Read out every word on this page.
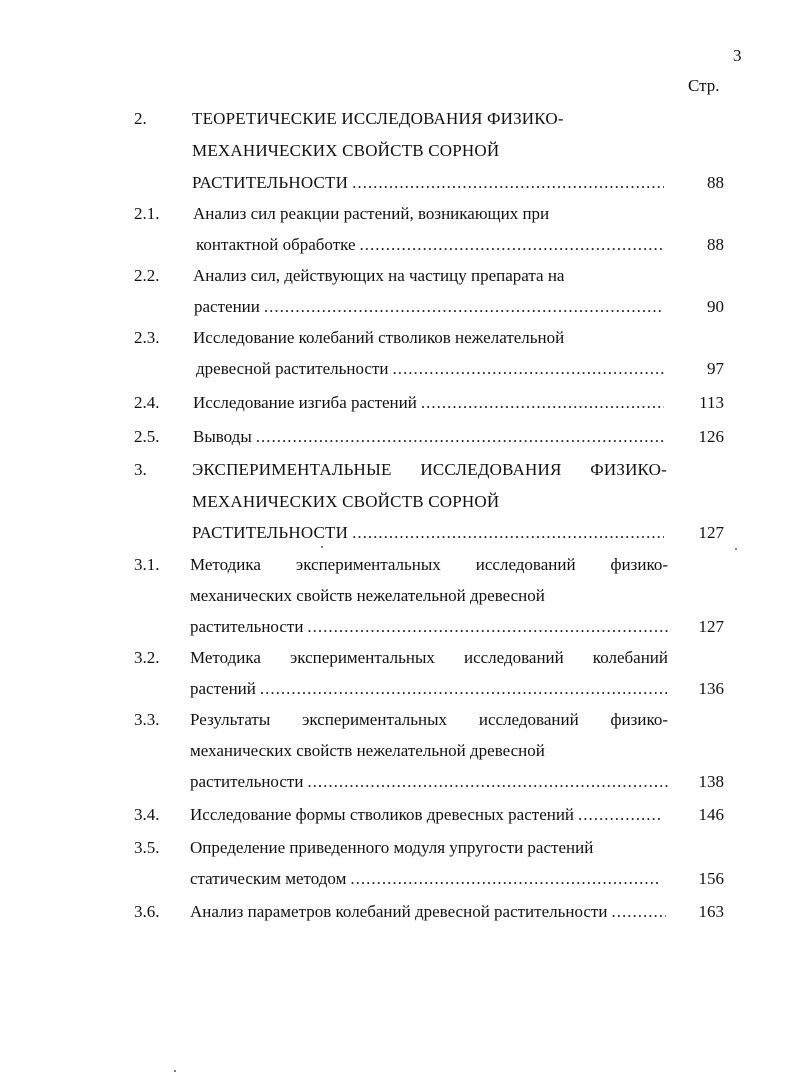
3
Стр.
2.	ТЕОРЕТИЧЕСКИЕ ИССЛЕДОВАНИЯ ФИЗИКО-
МЕХАНИЧЕСКИХ СВОЙСТВ СОРНОЙ
РАСТИТЕЛЬНОСТИ .....	88
2.1. Анализ сил реакции растений, возникающих при
контактной обработке .....	88
2.2. Анализ сил, действующих на частицу препарата на
растении .....	90
2.3. Исследование колебаний стволиков нежелательной
древесной растительности .....	97
2.4. Исследование изгиба растений .....	113
2.5. Выводы .....	126
3.	ЭКСПЕРИМЕНТАЛЬНЫЕ ИССЛЕДОВАНИЯ ФИЗИКО-
МЕХАНИЧЕСКИХ СВОЙСТВ СОРНОЙ
РАСТИТЕЛЬНОСТИ .....	127
3.1. Методика экспериментальных исследований физико-
механических свойств нежелательной древесной
растительности .....	127
3.2. Методика экспериментальных исследований колебаний
растений .....	136
3.3. Результаты экспериментальных исследований физико-
механических свойств нежелательной древесной
растительности .....	138
3.4. Исследование формы стволиков древесных растений .....	146
3.5. Определение приведенного модуля упругости растений
статическим методом .....	156
3.6. Анализ параметров колебаний древесной растительности .....	163
